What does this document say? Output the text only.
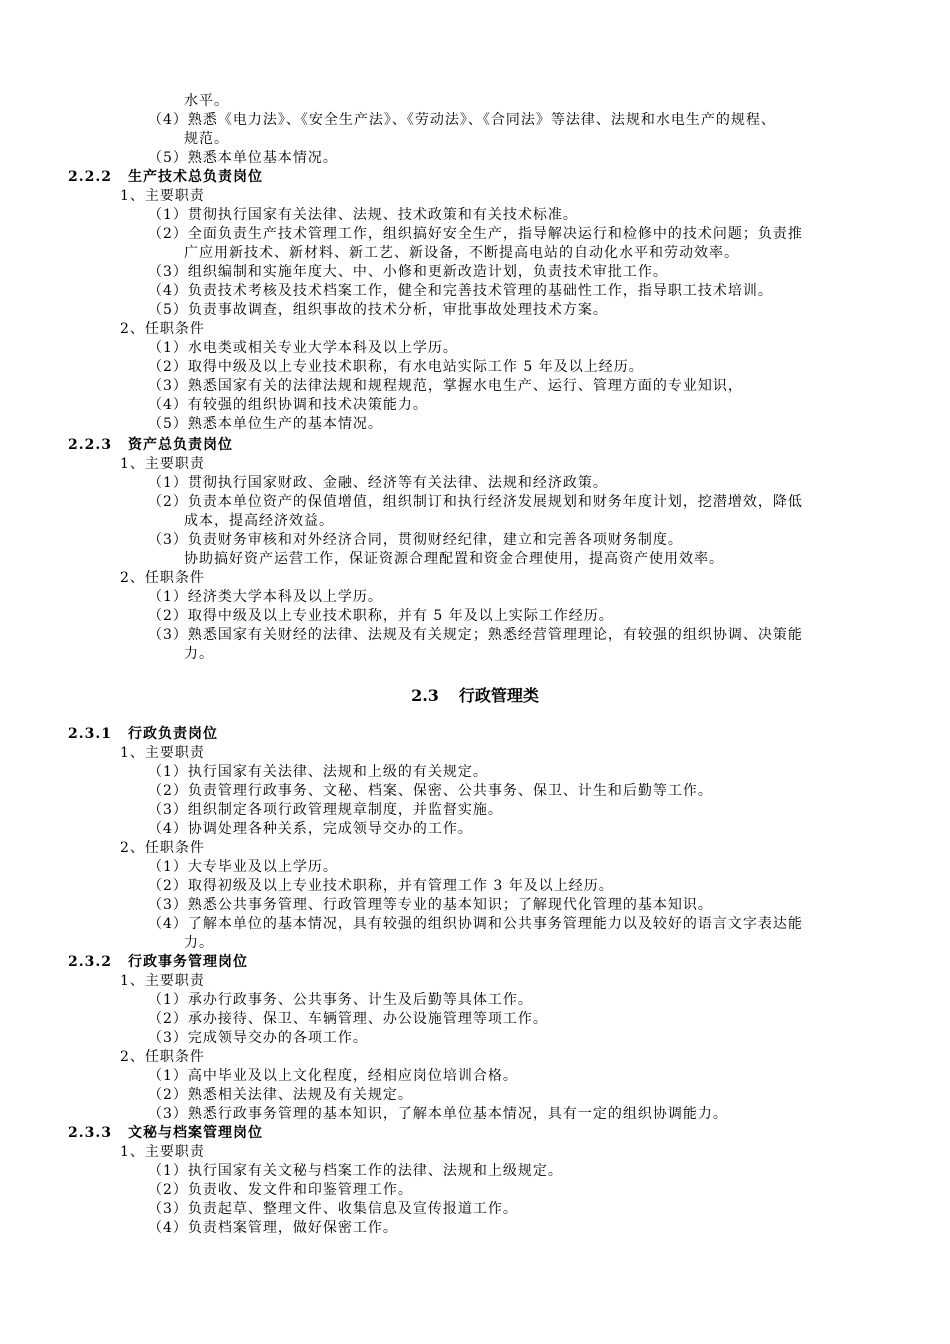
水平。
（4）熟悉《电力法》、《安全生产法》、《劳动法》、《合同法》等法律、法规和水电生产的规程、
规范。
（5）熟悉本单位基本情况。
2.2.2 生产技术总负责岗位
1、主要职责
（1）贯彻执行国家有关法律、法规、技术政策和有关技术标准。
（2）全面负责生产技术管理工作，组织搞好安全生产，指导解决运行和检修中的技术问题；负责推
广应用新技术、新材料、新工艺、新设备，不断提高电站的自动化水平和劳动效率。
（3）组织编制和实施年度大、中、小修和更新改造计划，负责技术审批工作。
（4）负责技术考核及技术档案工作，健全和完善技术管理的基础性工作，指导职工技术培训。
（5）负责事故调查，组织事故的技术分析，审批事故处理技术方案。
2、任职条件
（1）水电类或相关专业大学本科及以上学历。
（2）取得中级及以上专业技术职称，有水电站实际工作 5 年及以上经历。
（3）熟悉国家有关的法律法规和规程规范，掌握水电生产、运行、管理方面的专业知识，
（4）有较强的组织协调和技术决策能力。
（5）熟悉本单位生产的基本情况。
2.2.3 资产总负责岗位
1、主要职责
（1）贯彻执行国家财政、金融、经济等有关法律、法规和经济政策。
（2）负责本单位资产的保值增值，组织制订和执行经济发展规划和财务年度计划，挖潜增效，降低
成本，提高经济效益。
（3）负责财务审核和对外经济合同，贯彻财经纪律，建立和完善各项财务制度。
协助搞好资产运营工作，保证资源合理配置和资金合理使用，提高资产使用效率。
2、任职条件
（1）经济类大学本科及以上学历。
（2）取得中级及以上专业技术职称，并有 5 年及以上实际工作经历。
（3）熟悉国家有关财经的法律、法规及有关规定；熟悉经营管理理论，有较强的组织协调、决策能
力。
2.3 行政管理类
2.3.1 行政负责岗位
1、主要职责
（1）执行国家有关法律、法规和上级的有关规定。
（2）负责管理行政事务、文秘、档案、保密、公共事务、保卫、计生和后勤等工作。
（3）组织制定各项行政管理规章制度，并监督实施。
（4）协调处理各种关系，完成领导交办的工作。
2、任职条件
（1）大专毕业及以上学历。
（2）取得初级及以上专业技术职称，并有管理工作 3 年及以上经历。
（3）熟悉公共事务管理、行政管理等专业的基本知识；了解现代化管理的基本知识。
（4）了解本单位的基本情况，具有较强的组织协调和公共事务管理能力以及较好的语言文字表达能
力。
2.3.2 行政事务管理岗位
1、主要职责
（1）承办行政事务、公共事务、计生及后勤等具体工作。
（2）承办接待、保卫、车辆管理、办公设施管理等项工作。
（3）完成领导交办的各项工作。
2、任职条件
（1）高中毕业及以上文化程度，经相应岗位培训合格。
（2）熟悉相关法律、法规及有关规定。
（3）熟悉行政事务管理的基本知识，了解本单位基本情况，具有一定的组织协调能力。
2.3.3 文秘与档案管理岗位
1、主要职责
（1）执行国家有关文秘与档案工作的法律、法规和上级规定。
（2）负责收、发文件和印鉴管理工作。
（3）负责起草、整理文件、收集信息及宣传报道工作。
（4）负责档案管理，做好保密工作。
